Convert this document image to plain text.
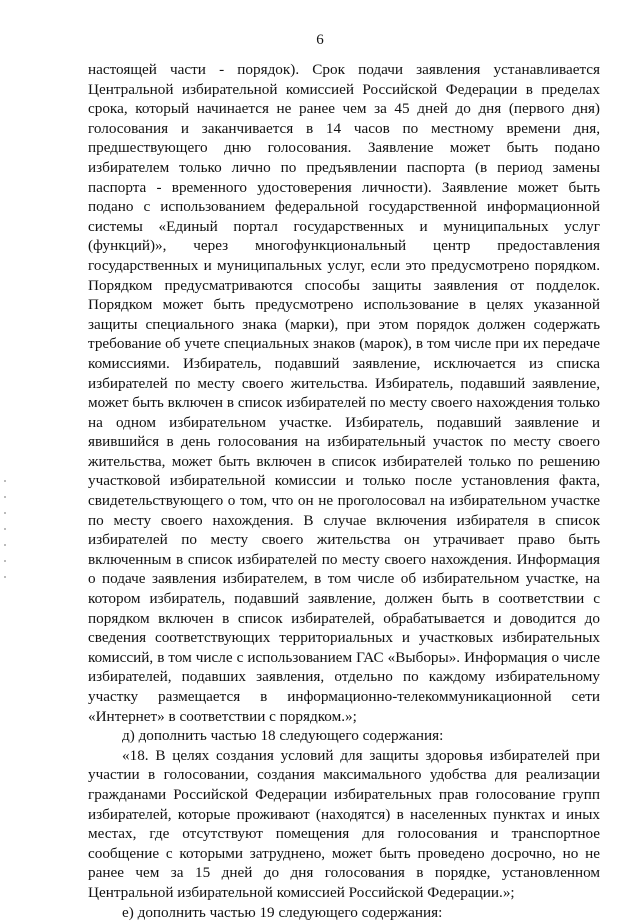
6

настоящей части - порядок). Срок подачи заявления устанавливается Центральной избирательной комиссией Российской Федерации в пределах срока, который начинается не ранее чем за 45 дней до дня (первого дня) голосования и заканчивается в 14 часов по местному времени дня, предшествующего дню голосования. Заявление может быть подано избирателем только лично по предъявлении паспорта (в период замены паспорта - временного удостоверения личности). Заявление может быть подано с использованием федеральной государственной информационной системы «Единый портал государственных и муниципальных услуг (функций)», через многофункциональный центр предоставления государственных и муниципальных услуг, если это предусмотрено порядком. Порядком предусматриваются способы защиты заявления от подделок. Порядком может быть предусмотрено использование в целях указанной защиты специального знака (марки), при этом порядок должен содержать требование об учете специальных знаков (марок), в том числе при их передаче комиссиями. Избиратель, подавший заявление, исключается из списка избирателей по месту своего жительства. Избиратель, подавший заявление, может быть включен в список избирателей по месту своего нахождения только на одном избирательном участке. Избиратель, подавший заявление и явившийся в день голосования на избирательный участок по месту своего жительства, может быть включен в список избирателей только по решению участковой избирательной комиссии и только после установления факта, свидетельствующего о том, что он не проголосовал на избирательном участке по месту своего нахождения. В случае включения избирателя в список избирателей по месту своего жительства он утрачивает право быть включенным в список избирателей по месту своего нахождения. Информация о подаче заявления избирателем, в том числе об избирательном участке, на котором избиратель, подавший заявление, должен быть в соответствии с порядком включен в список избирателей, обрабатывается и доводится до сведения соответствующих территориальных и участковых избирательных комиссий, в том числе с использованием ГАС «Выборы». Информация о числе избирателей, подавших заявления, отдельно по каждому избирательному участку размещается в информационно-телекоммуникационной сети «Интернет» в соответствии с порядком.»;

д) дополнить частью 18 следующего содержания:

«18. В целях создания условий для защиты здоровья избирателей при участии в голосовании, создания максимального удобства для реализации гражданами Российской Федерации избирательных прав голосование групп избирателей, которые проживают (находятся) в населенных пунктах и иных местах, где отсутствуют помещения для голосования и транспортное сообщение с которыми затруднено, может быть проведено досрочно, но не ранее чем за 15 дней до дня голосования в порядке, установленном Центральной избирательной комиссией Российской Федерации.»;

е) дополнить частью 19 следующего содержания:
